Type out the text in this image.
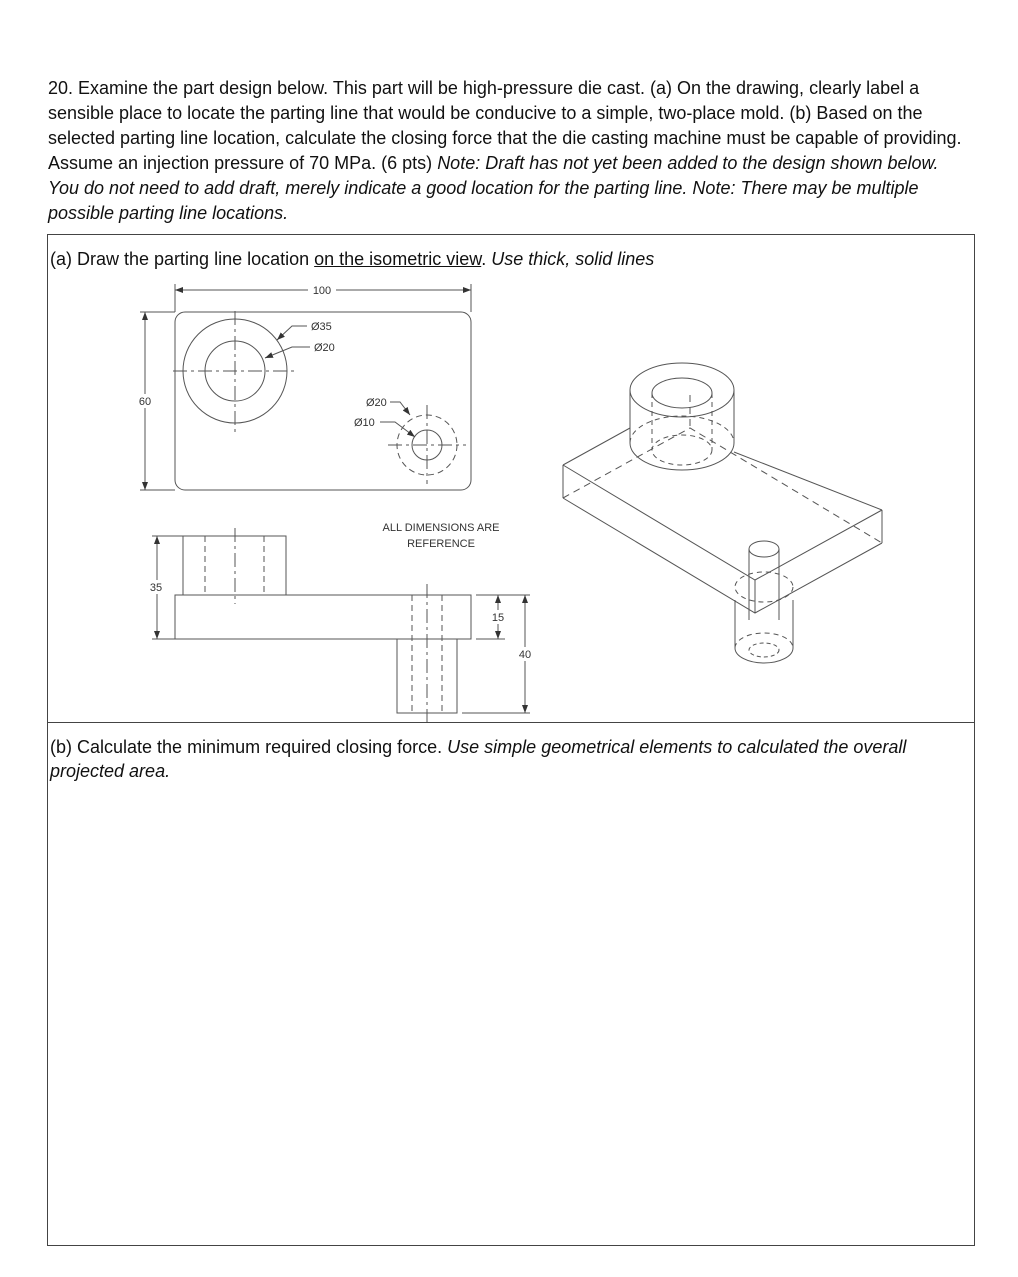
20. Examine the part design below. This part will be high-pressure die cast. (a) On the drawing, clearly label a sensible place to locate the parting line that would be conducive to a simple, two-place mold. (b) Based on the selected parting line location, calculate the closing force that the die casting machine must be capable of providing. Assume an injection pressure of 70 MPa. (6 pts) Note: Draft has not yet been added to the design shown below. You do not need to add draft, merely indicate a good location for the parting line. Note: There may be multiple possible parting line locations.
(a) Draw the parting line location on the isometric view. Use thick, solid lines
(b) Calculate the minimum required closing force. Use simple geometrical elements to calculated the overall projected area.
100
60
Ø35
Ø20
Ø20
Ø10
ALL DIMENSIONS ARE
REFERENCE
35
15
40
